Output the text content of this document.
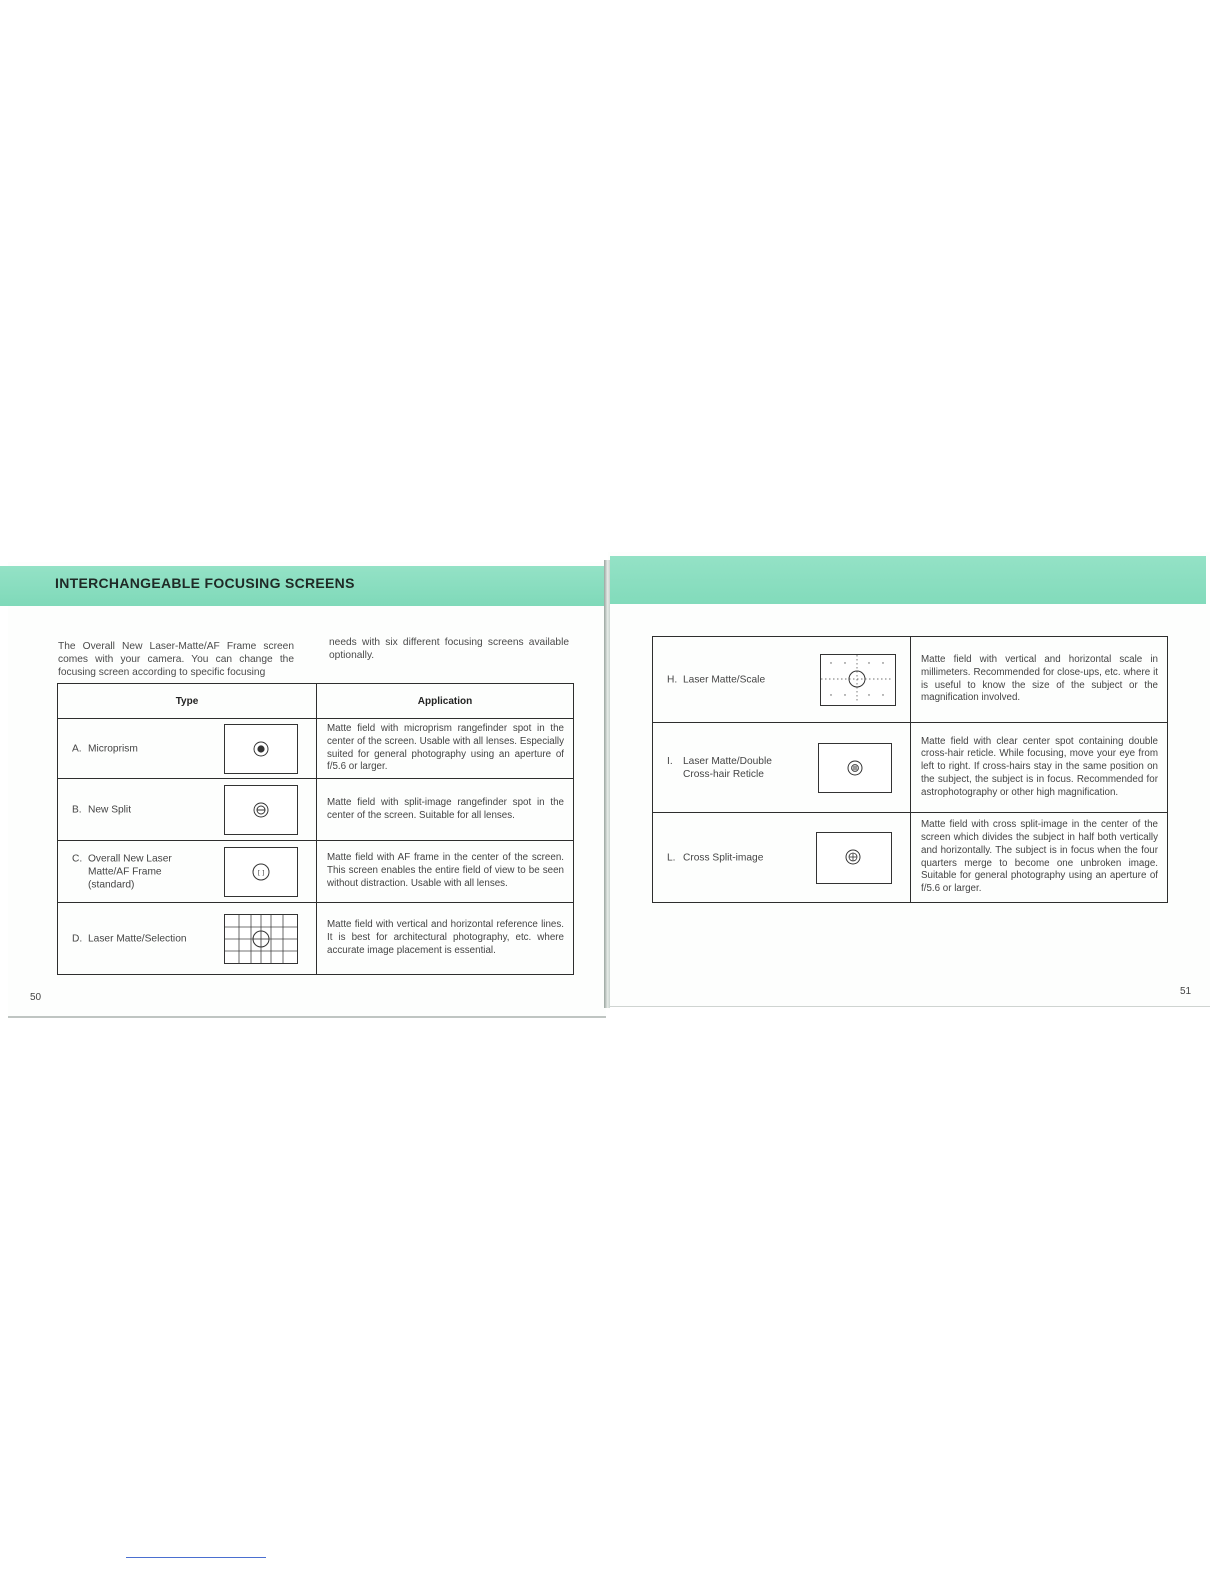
INTERCHANGEABLE FOCUSING SCREENS
The Overall New Laser-Matte/AF Frame screen comes with your camera. You can change the focusing screen according to specific focusing
needs with six different focusing screens available optionally.
Type	Application

A. Microprism	Matte field with microprism rangefinder spot in the center of the screen. Usable with all lenses. Especially suited for general photography using an aperture of f/5.6 or larger.

B. New Split	Matte field with split-image rangefinder spot in the center of the screen. Suitable for all lenses.

C. Overall New Laser
Matte/AF Frame
(standard)
[ ]	Matte field with AF frame in the center of the screen. This screen enables the entire field of view to be seen without distraction. Usable with all lenses.

D. Laser Matte/Selection	Matte field with vertical and horizontal reference lines. It is best for architectural photography, etc. where accurate image placement is essential.
H. Laser Matte/Scale	Matte field with vertical and horizontal scale in millimeters. Recommended for close-ups, etc. where it is useful to know the size of the subject or the magnification involved.

I. Laser Matte/Double
Cross-hair Reticle	Matte field with clear center spot containing double cross-hair reticle. While focusing, move your eye from left to right. If cross-hairs stay in the same position on the subject, the subject is in focus. Recommended for astrophotography or other high magnification.

L. Cross Split-image	Matte field with cross split-image in the center of the screen which divides the subject in half both vertically and horizontally. The subject is in focus when the four quarters merge to become one unbroken image. Suitable for general photography using an aperture of f/5.6 or larger.
50
51
